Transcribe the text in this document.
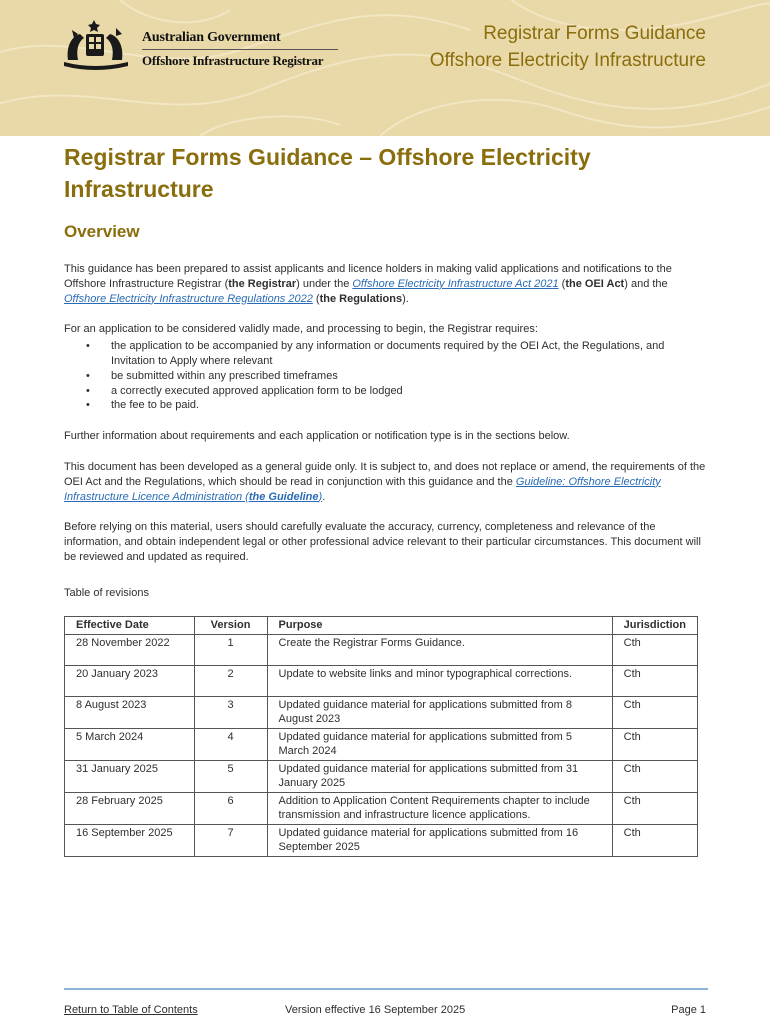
Australian Government
Offshore Infrastructure Registrar
Registrar Forms Guidance
Offshore Electricity Infrastructure
Registrar Forms Guidance – Offshore Electricity Infrastructure
Overview

This guidance has been prepared to assist applicants and licence holders in making valid applications and notifications to the Offshore Infrastructure Registrar (the Registrar) under the Offshore Electricity Infrastructure Act 2021 (the OEI Act) and the Offshore Electricity Infrastructure Regulations 2022 (the Regulations).

For an application to be considered validly made, and processing to begin, the Registrar requires:

• the application to be accompanied by any information or documents required by the OEI Act, the Regulations, and Invitation to Apply where relevant
• be submitted within any prescribed timeframes
• a correctly executed approved application form to be lodged
• the fee to be paid.

Further information about requirements and each application or notification type is in the sections below.

This document has been developed as a general guide only. It is subject to, and does not replace or amend, the requirements of the OEI Act and the Regulations, which should be read in conjunction with this guidance and the Guideline: Offshore Electricity Infrastructure Licence Administration (the Guideline).

Before relying on this material, users should carefully evaluate the accuracy, currency, completeness and relevance of the information, and obtain independent legal or other professional advice relevant to their particular circumstances. This document will be reviewed and updated as required.

Table of revisions
Effective Date	Version	Purpose	Jurisdiction
28 November 2022	1	Create the Registrar Forms Guidance.	Cth
20 January 2023	2	Update to website links and minor typographical corrections.	Cth
8 August 2023	3	Updated guidance material for applications submitted from 8 August 2023	Cth
5 March 2024	4	Updated guidance material for applications submitted from 5 March 2024	Cth
31 January 2025	5	Updated guidance material for applications submitted from 31 January 2025	Cth
28 February 2025	6	Addition to Application Content Requirements chapter to include transmission and infrastructure licence applications.	Cth
16 September 2025	7	Updated guidance material for applications submitted from 16 September 2025	Cth
Return to Table of Contents	Version effective 16 September 2025	Page 1
